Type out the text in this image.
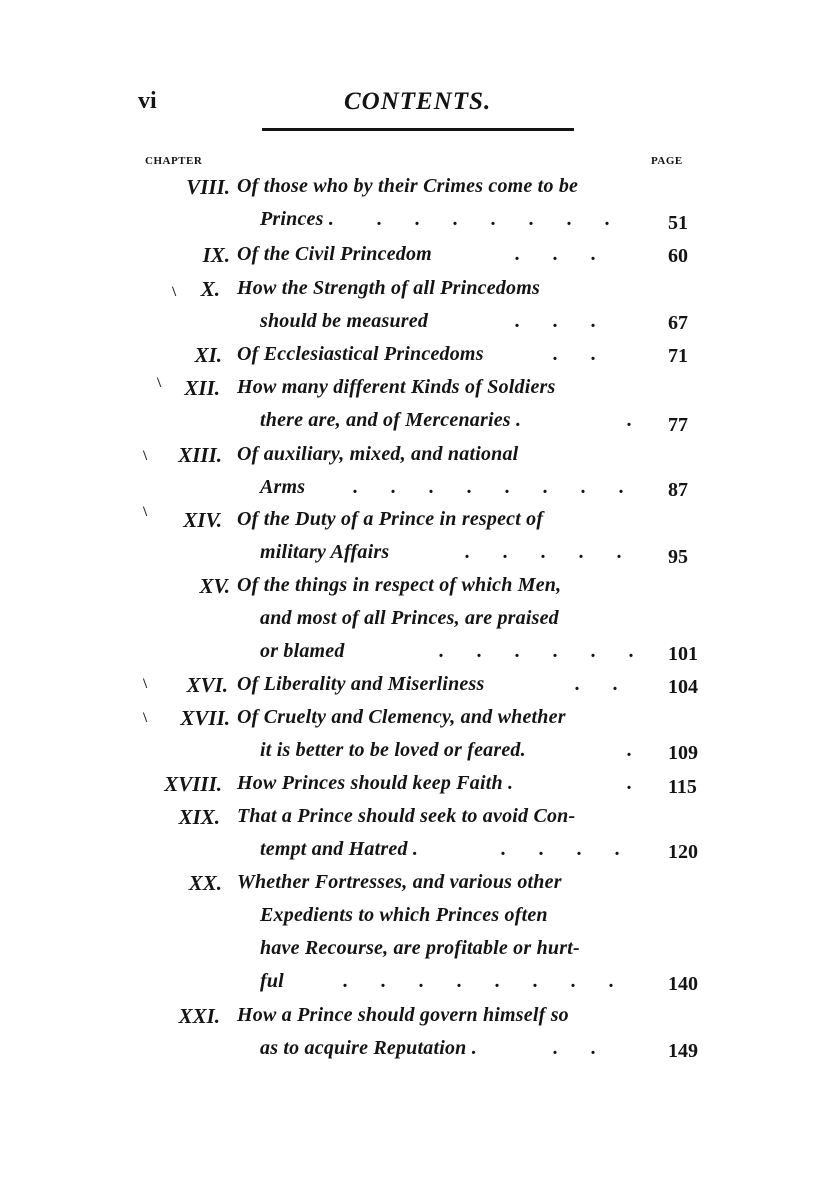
vi	CONTENTS.
CHAPTER	PAGE
VIII. Of those who by their Crimes come to be
Princes .	. . . . . . .	51
IX. Of the Civil Princedom	. . .	60
\	X. How the Strength of all Princedoms
should be measured	. . .	67
XI. Of Ecclesiastical Princedoms	. .	71
\	XII. How many different Kinds of Soldiers
there are, and of Mercenaries .	.	77
\	XIII. Of auxiliary, mixed, and national
Arms	. . . . . . . .	87
\	XIV. Of the Duty of a Prince in respect of
military Affairs	. . . . .	95
XV. Of the things in respect of which Men,
and most of all Princes, are praised
or blamed	. . . . . .	101
\	XVI. Of Liberality and Miserliness	. .	104
\	XVII. Of Cruelty and Clemency, and whether
it is better to be loved or feared.	.	109
XVIII. How Princes should keep Faith .	.	115
XIX. That a Prince should seek to avoid Con-
tempt and Hatred .	. . . .	120
XX. Whether Fortresses, and various other
Expedients to which Princes often
have Recourse, are profitable or hurt-
ful	. . . . . . . .	140
XXI. How a Prince should govern himself so
as to acquire Reputation .	. .	149
